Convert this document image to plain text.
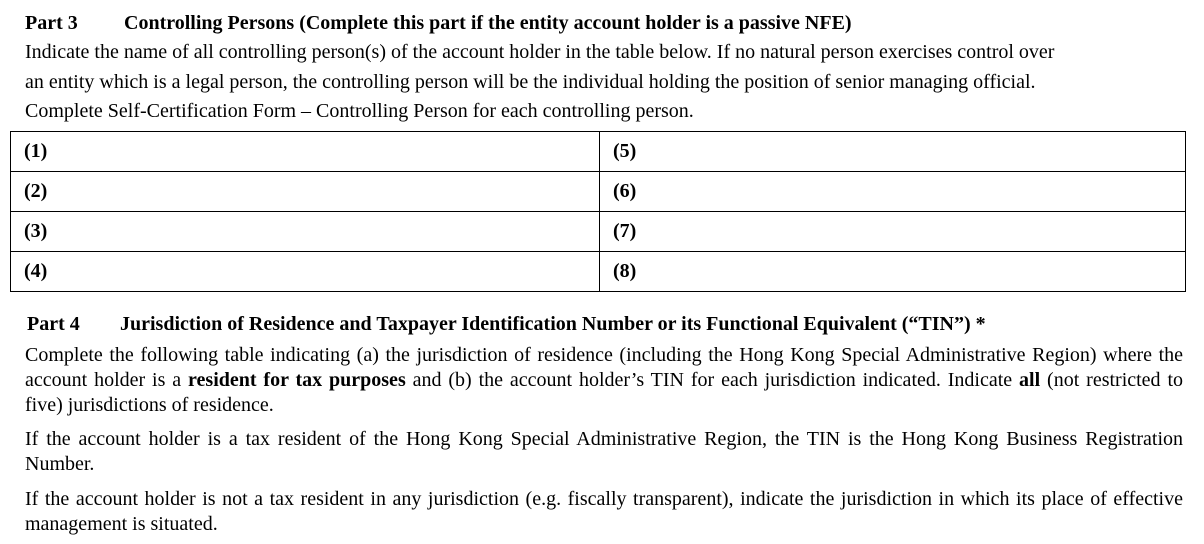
Part 3 Controlling Persons (Complete this part if the entity account holder is a passive NFE)
Indicate the name of all controlling person(s) of the account holder in the table below. If no natural person exercises control over
an entity which is a legal person, the controlling person will be the individual holding the position of senior managing official.
Complete Self-Certification Form – Controlling Person for each controlling person.
(1)	(5)
(2)	(6)
(3)	(7)
(4)	(8)
Part 4 Jurisdiction of Residence and Taxpayer Identification Number or its Functional Equivalent (“TIN”) *
Complete the following table indicating (a) the jurisdiction of residence (including the Hong Kong Special Administrative Region) where the account holder is a resident for tax purposes and (b) the account holder’s TIN for each jurisdiction indicated. Indicate all (not restricted to five) jurisdictions of residence.
If the account holder is a tax resident of the Hong Kong Special Administrative Region, the TIN is the Hong Kong Business Registration Number.
If the account holder is not a tax resident in any jurisdiction (e.g. fiscally transparent), indicate the jurisdiction in which its place of effective management is situated.
